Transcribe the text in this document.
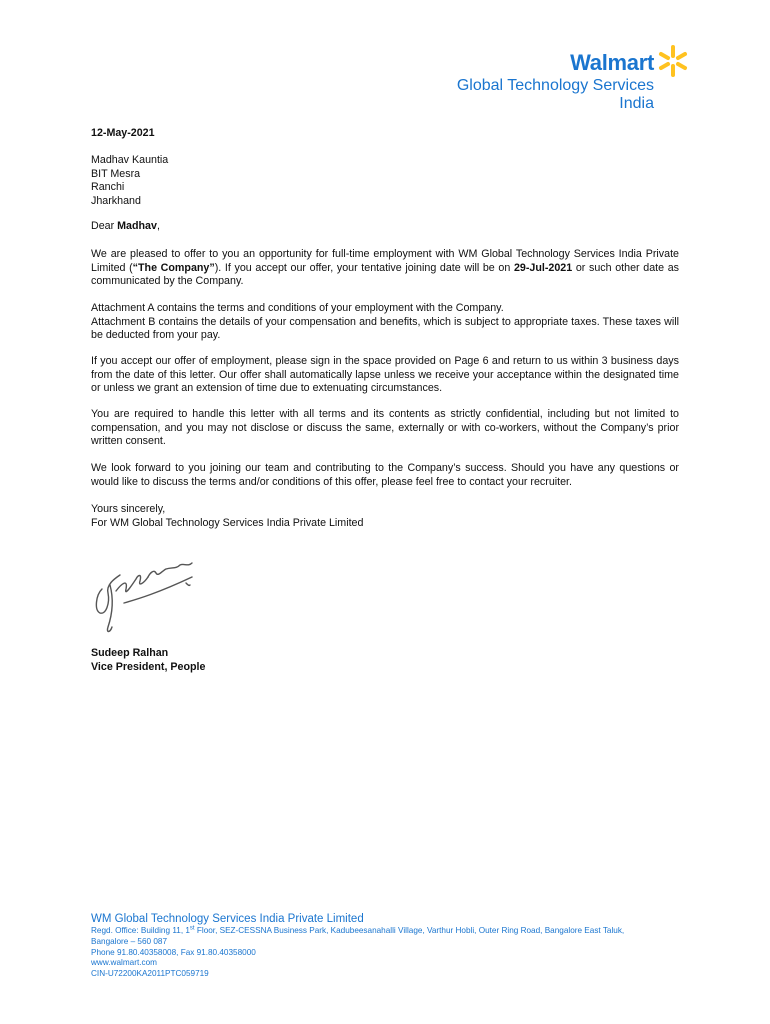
Walmart
Global Technology Services
India
12-May-2021
Madhav Kauntia
BIT Mesra
Ranchi
Jharkhand
Dear Madhav,
We are pleased to offer to you an opportunity for full-time employment with WM Global Technology Services India Private Limited (“The Company”). If you accept our offer, your tentative joining date will be on 29-Jul-2021 or such other date as communicated by the Company.
Attachment A contains the terms and conditions of your employment with the Company.
Attachment B contains the details of your compensation and benefits, which is subject to appropriate taxes. These taxes will be deducted from your pay.
If you accept our offer of employment, please sign in the space provided on Page 6 and return to us within 3 business days from the date of this letter. Our offer shall automatically lapse unless we receive your acceptance within the designated time or unless we grant an extension of time due to extenuating circumstances.
You are required to handle this letter with all terms and its contents as strictly confidential, including but not limited to compensation, and you may not disclose or discuss the same, externally or with co-workers, without the Company’s prior written consent.
We look forward to you joining our team and contributing to the Company’s success. Should you have any questions or would like to discuss the terms and/or conditions of this offer, please feel free to contact your recruiter.
Yours sincerely,
For WM Global Technology Services India Private Limited
Sudeep Ralhan
Vice President, People
WM Global Technology Services India Private Limited
Regd. Office: Building 11, 1st Floor, SEZ-CESSNA Business Park, Kadubeesanahalli Village, Varthur Hobli, Outer Ring Road, Bangalore East Taluk,
Bangalore – 560 087
Phone 91.80.40358008, Fax 91.80.40358000
www.walmart.com
CIN-U72200KA2011PTC059719
